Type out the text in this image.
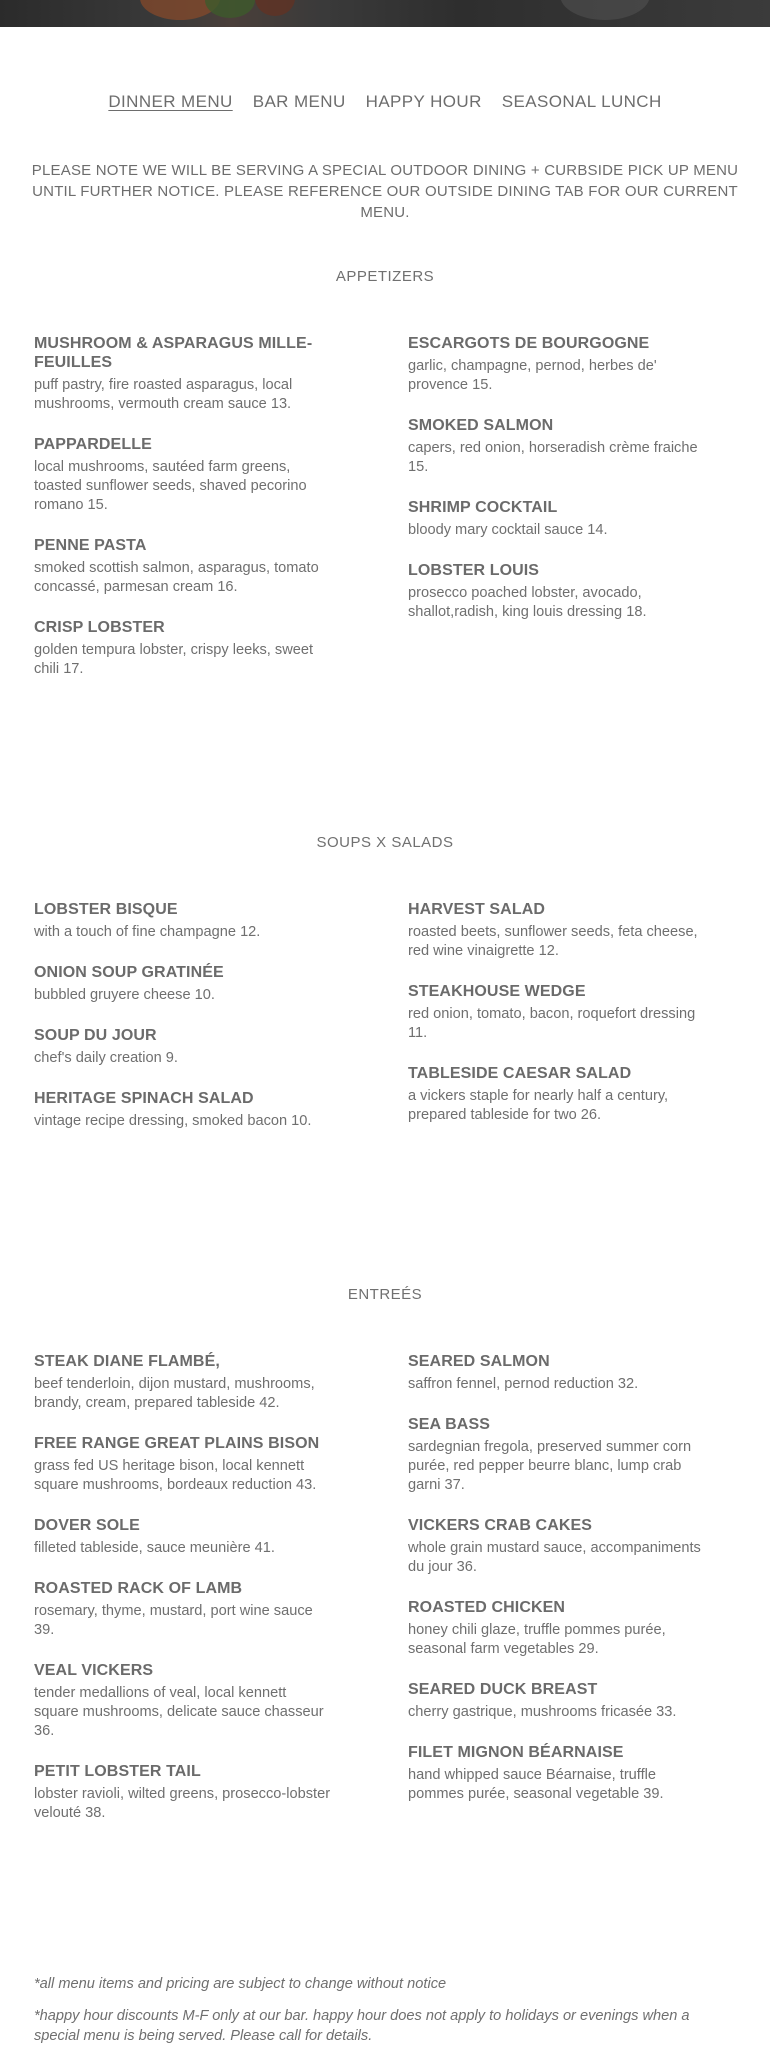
DINNER MENU	BAR MENU	HAPPY HOUR	SEASONAL LUNCH

PLEASE NOTE WE WILL BE SERVING A SPECIAL OUTDOOR DINING + CURBSIDE PICK UP MENU UNTIL FURTHER NOTICE. PLEASE REFERENCE OUR OUTSIDE DINING TAB FOR OUR CURRENT MENU.

APPETIZERS
MUSHROOM & ASPARAGUS MILLE-FEUILLES
puff pastry, fire roasted asparagus, local mushrooms, vermouth cream sauce 13.
PAPPARDELLE
local mushrooms, sautéed farm greens, toasted sunflower seeds, shaved pecorino romano 15.
PENNE PASTA
smoked scottish salmon, asparagus, tomato concassé, parmesan cream 16.
CRISP LOBSTER
golden tempura lobster, crispy leeks, sweet chili 17.
ESCARGOTS DE BOURGOGNE
garlic, champagne, pernod, herbes de' provence 15.
SMOKED SALMON
capers, red onion, horseradish crème fraiche 15.
SHRIMP COCKTAIL
bloody mary cocktail sauce 14.
LOBSTER LOUIS
prosecco poached lobster, avocado, shallot,radish, king louis dressing 18.
SOUPS X SALADS
LOBSTER BISQUE
with a touch of fine champagne 12.
ONION SOUP GRATINÉE
bubbled gruyere cheese 10.
SOUP DU JOUR
chef's daily creation 9.
HERITAGE SPINACH SALAD
vintage recipe dressing, smoked bacon 10.
HARVEST SALAD
roasted beets, sunflower seeds, feta cheese, red wine vinaigrette 12.
STEAKHOUSE WEDGE
red onion, tomato, bacon, roquefort dressing 11.
TABLESIDE CAESAR SALAD
a vickers staple for nearly half a century, prepared tableside for two 26.
ENTREÉS
STEAK DIANE FLAMBÉ,
beef tenderloin, dijon mustard, mushrooms, brandy, cream, prepared tableside 42.
FREE RANGE GREAT PLAINS BISON
grass fed US heritage bison, local kennett square mushrooms, bordeaux reduction 43.
DOVER SOLE
filleted tableside, sauce meunière 41.
ROASTED RACK OF LAMB
rosemary, thyme, mustard, port wine sauce 39.
VEAL VICKERS
tender medallions of veal, local kennett square mushrooms, delicate sauce chasseur 36.
PETIT LOBSTER TAIL
lobster ravioli, wilted greens, prosecco-lobster velouté 38.
SEARED SALMON
saffron fennel, pernod reduction 32.
SEA BASS
sardegnian fregola, preserved summer corn purée, red pepper beurre blanc, lump crab garni 37.
VICKERS CRAB CAKES
whole grain mustard sauce, accompaniments du jour 36.
ROASTED CHICKEN
honey chili glaze, truffle pommes purée, seasonal farm vegetables 29.
SEARED DUCK BREAST
cherry gastrique, mushrooms fricasée 33.
FILET MIGNON BÉARNAISE
hand whipped sauce Béarnaise, truffle pommes purée, seasonal vegetable 39.

*all menu items and pricing are subject to change without notice

*happy hour discounts M-F only at our bar. happy hour does not apply to holidays or evenings when a special menu is being served. Please call for details.
